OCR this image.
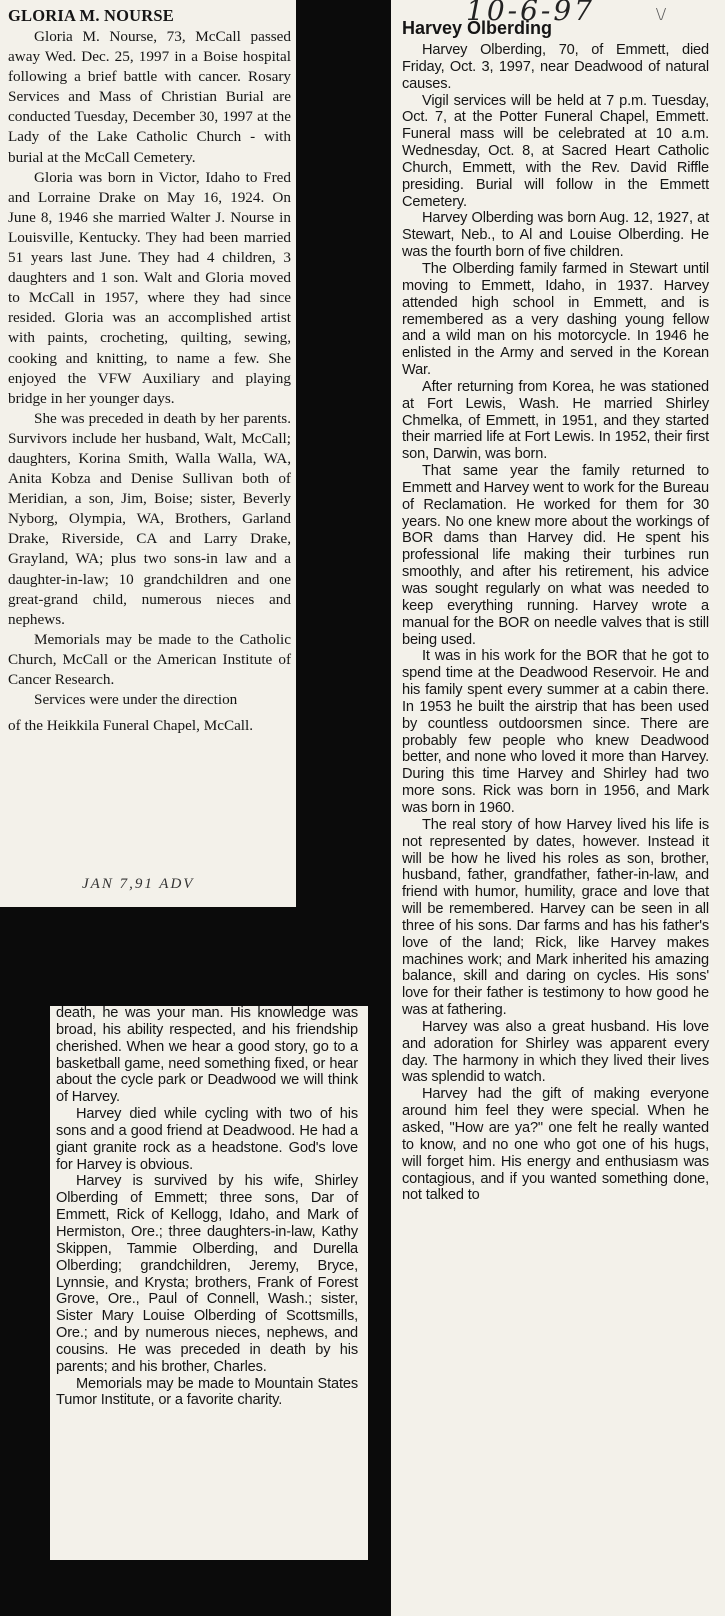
GLORIA M. NOURSE

Gloria M. Nourse, 73, McCall passed away Wed. Dec. 25, 1997 in a Boise hospital following a brief battle with cancer. Rosary Services and Mass of Christian Burial are conducted Tuesday, December 30, 1997 at the Lady of the Lake Catholic Church - with burial at the McCall Cemetery.

Gloria was born in Victor, Idaho to Fred and Lorraine Drake on May 16, 1924. On June 8, 1946 she married Walter J. Nourse in Louisville, Kentucky. They had been married 51 years last June. They had 4 children, 3 daughters and 1 son. Walt and Gloria moved to McCall in 1957, where they had since resided. Gloria was an accomplished artist with paints, crocheting, quilting, sewing, cooking and knitting, to name a few. She enjoyed the VFW Auxiliary and playing bridge in her younger days.

She was preceded in death by her parents. Survivors include her husband, Walt, McCall; daughters, Korina Smith, Walla Walla, WA, Anita Kobza and Denise Sullivan both of Meridian, a son, Jim, Boise; sister, Beverly Nyborg, Olympia, WA, Brothers, Garland Drake, Riverside, CA and Larry Drake, Grayland, WA; plus two sons-in law and a daughter-in-law; 10 grandchildren and one great-grand child, numerous nieces and nephews.

Memorials may be made to the Catholic Church, McCall or the American Institute of Cancer Research.

Services were under the direction

of the Heikkila Funeral Chapel, McCall.

JAN 7,91 ADV
10-6-97	\/
Harvey Olberding

Harvey Olberding, 70, of Emmett, died Friday, Oct. 3, 1997, near Deadwood of natural causes.

Vigil services will be held at 7 p.m. Tuesday, Oct. 7, at the Potter Funeral Chapel, Emmett. Funeral mass will be celebrated at 10 a.m. Wednesday, Oct. 8, at Sacred Heart Catholic Church, Emmett, with the Rev. David Riffle presiding. Burial will follow in the Emmett Cemetery.

Harvey Olberding was born Aug. 12, 1927, at Stewart, Neb., to Al and Louise Olberding. He was the fourth born of five children.

The Olberding family farmed in Stewart until moving to Emmett, Idaho, in 1937. Harvey attended high school in Emmett, and is remembered as a very dashing young fellow and a wild man on his motorcycle. In 1946 he enlisted in the Army and served in the Korean War.

After returning from Korea, he was stationed at Fort Lewis, Wash. He married Shirley Chmelka, of Emmett, in 1951, and they started their married life at Fort Lewis. In 1952, their first son, Darwin, was born.

That same year the family returned to Emmett and Harvey went to work for the Bureau of Reclamation. He worked for them for 30 years. No one knew more about the workings of BOR dams than Harvey did. He spent his professional life making their turbines run smoothly, and after his retirement, his advice was sought regularly on what was needed to keep everything running. Harvey wrote a manual for the BOR on needle valves that is still being used.

It was in his work for the BOR that he got to spend time at the Deadwood Reservoir. He and his family spent every summer at a cabin there. In 1953 he built the airstrip that has been used by countless outdoorsmen since. There are probably few people who knew Deadwood better, and none who loved it more than Harvey. During this time Harvey and Shirley had two more sons. Rick was born in 1956, and Mark was born in 1960.

The real story of how Harvey lived his life is not represented by dates, however. Instead it will be how he lived his roles as son, brother, husband, father, grandfather, father-in-law, and friend with humor, humility, grace and love that will be remembered. Harvey can be seen in all three of his sons. Dar farms and has his father's love of the land; Rick, like Harvey makes machines work; and Mark inherited his amazing balance, skill and daring on cycles. His sons' love for their father is testimony to how good he was at fathering.

Harvey was also a great husband. His love and adoration for Shirley was apparent every day. The harmony in which they lived their lives was splendid to watch.

Harvey had the gift of making everyone around him feel they were special. When he asked, "How are ya?" one felt he really wanted to know, and no one who got one of his hugs, will forget him. His energy and enthusiasm was contagious, and if you wanted something done, not talked to

death, he was your man. His knowledge was broad, his ability respected, and his friendship cherished. When we hear a good story, go to a basketball game, need something fixed, or hear about the cycle park or Deadwood we will think of Harvey.

Harvey died while cycling with two of his sons and a good friend at Deadwood. He had a giant granite rock as a headstone. God's love for Harvey is obvious.

Harvey is survived by his wife, Shirley Olberding of Emmett; three sons, Dar of Emmett, Rick of Kellogg, Idaho, and Mark of Hermiston, Ore.; three daughters-in-law, Kathy Skippen, Tammie Olberding, and Durella Olberding; grandchildren, Jeremy, Bryce, Lynnsie, and Krysta; brothers, Frank of Forest Grove, Ore., Paul of Connell, Wash.; sister, Sister Mary Louise Olberding of Scottsmills, Ore.; and by numerous nieces, nephews, and cousins. He was preceded in death by his parents; and his brother, Charles.

Memorials may be made to Mountain States Tumor Institute, or a favorite charity.
